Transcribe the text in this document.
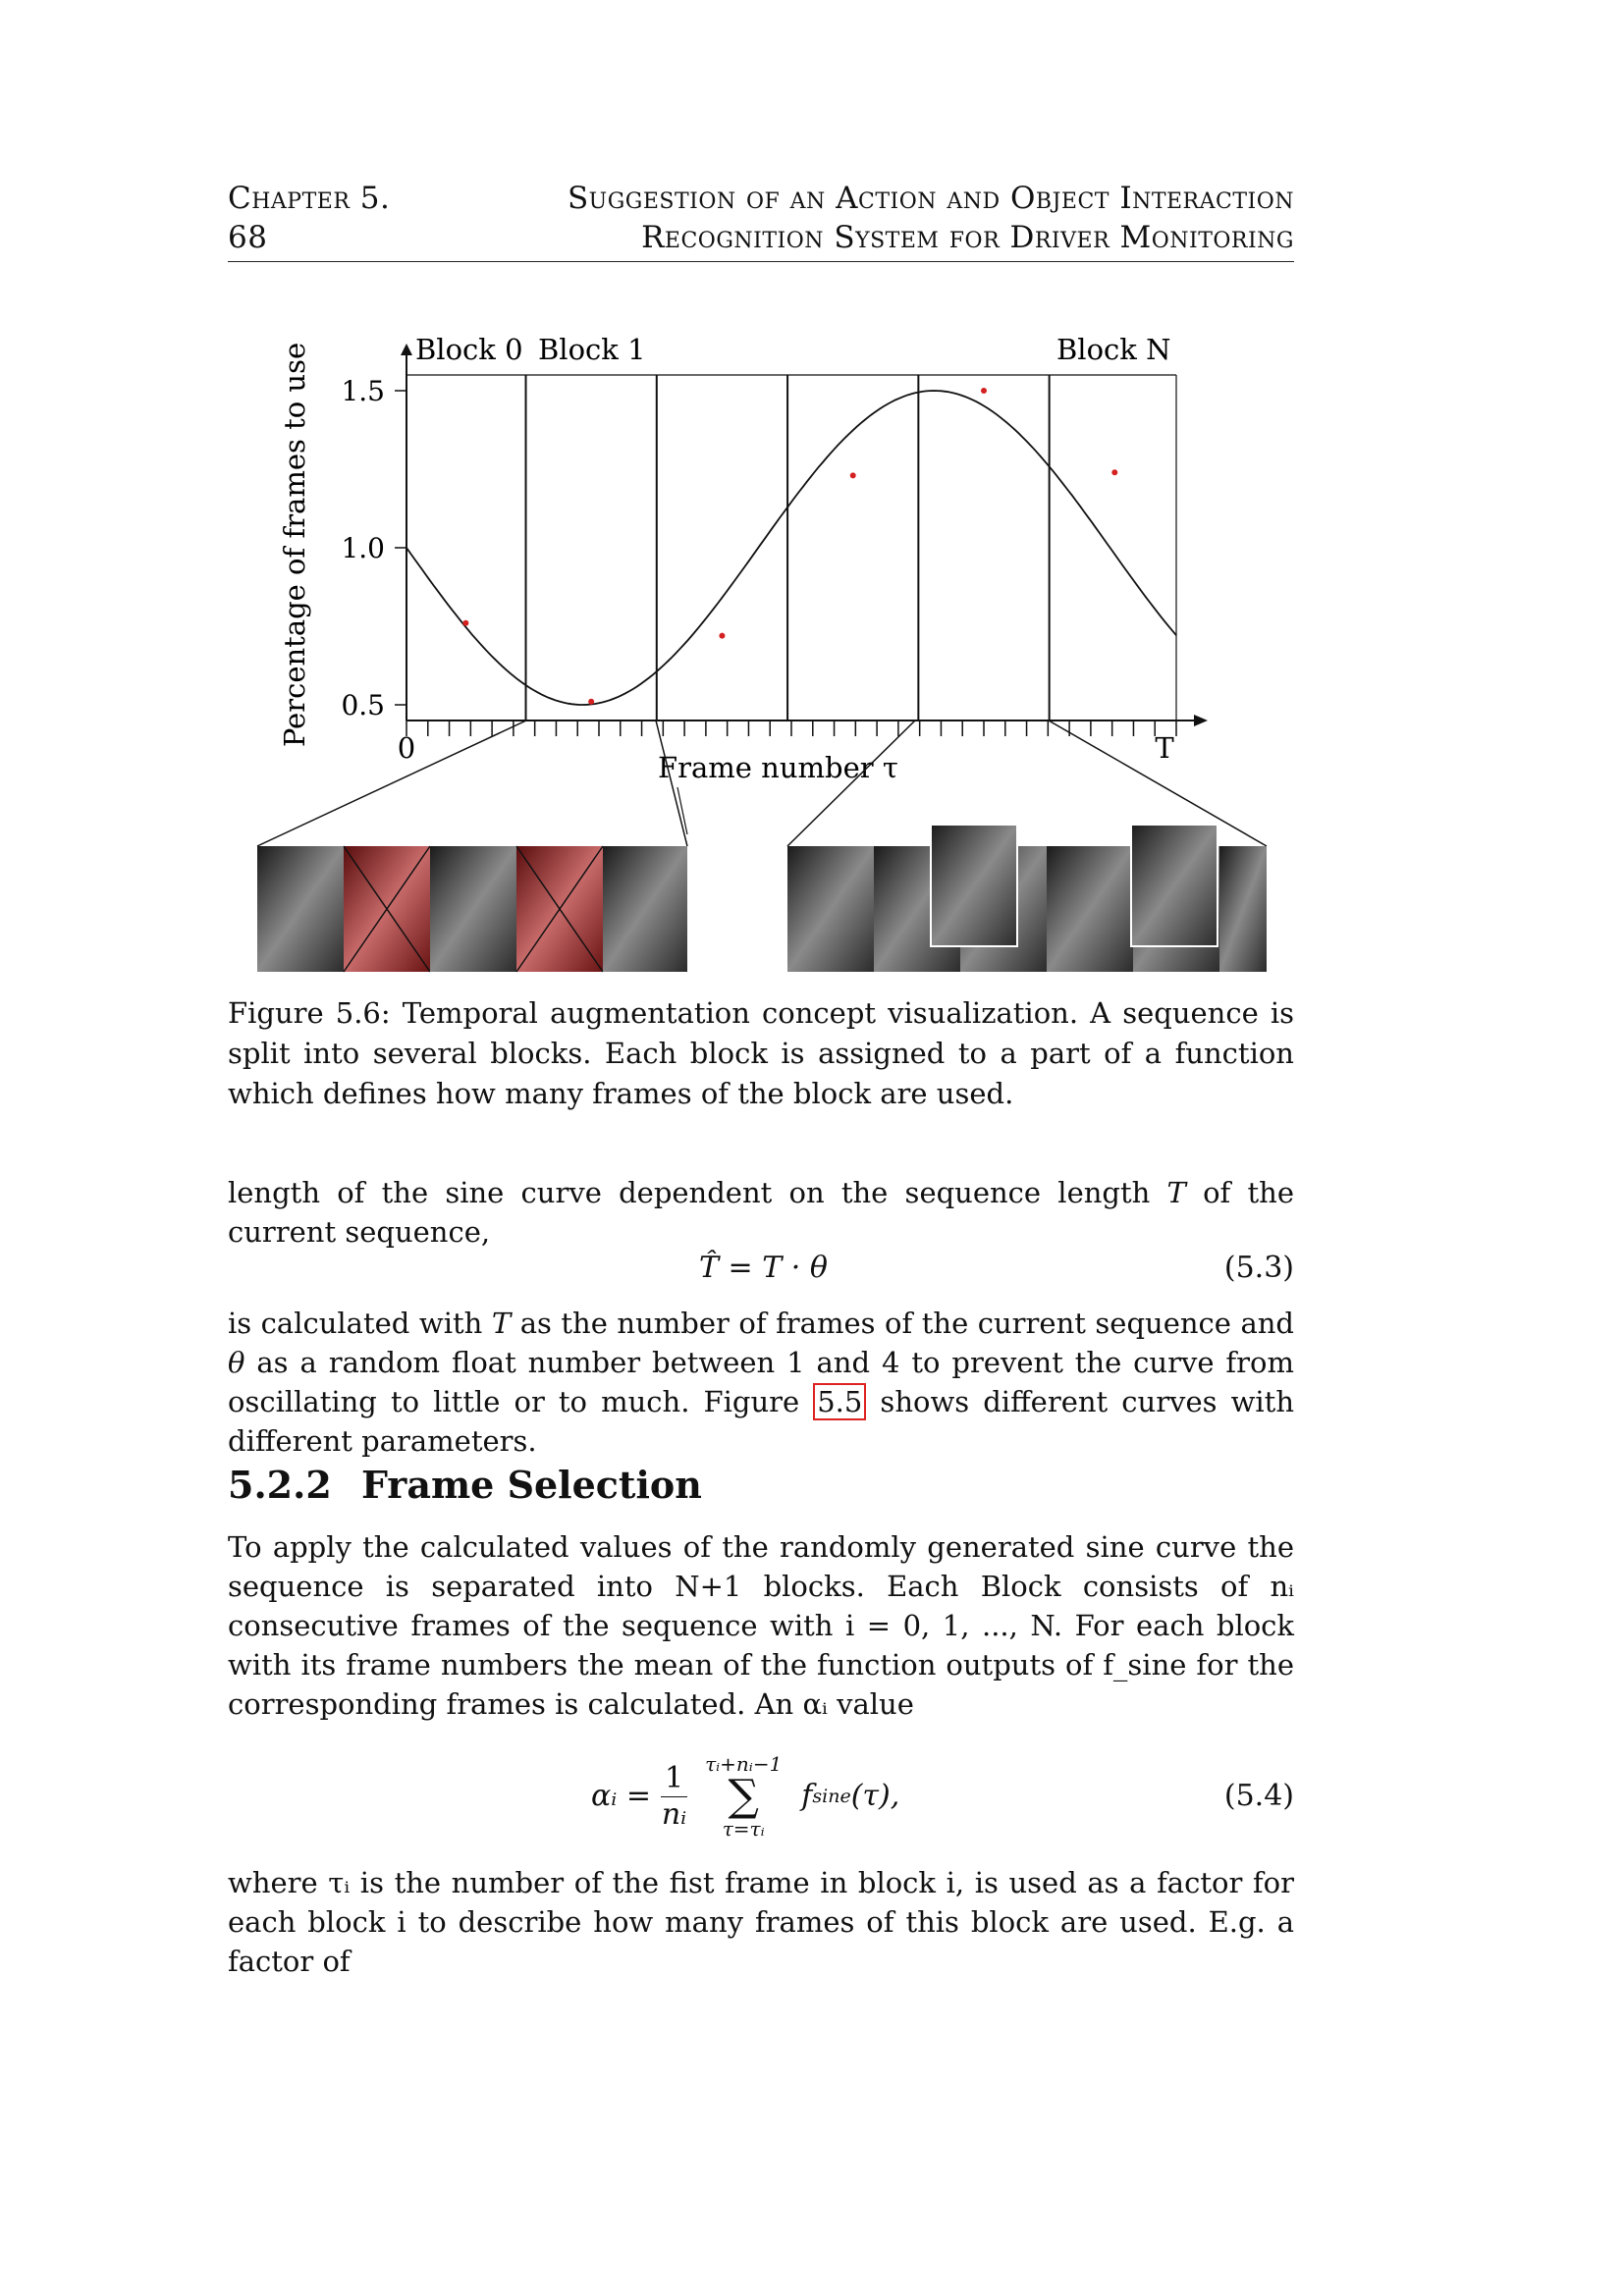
Chapter 5.	Suggestion of an Action and Object Interaction
68	Recognition System for Driver Monitoring
Percentage of frames to use 0.5
1.0
1.5
Block 0 Block 1	Block N
0	T
Frame number τ
Figure 5.6: Temporal augmentation concept visualization. A sequence is split into several blocks. Each block is assigned to a part of a function which defines how many frames of the block are used.
length of the sine curve dependent on the sequence length T of the current sequence,
T̂ = T · θ	(5.3)
is calculated with T as the number of frames of the current sequence and θ as a random float number between 1 and 4 to prevent the curve from oscillating to little or to much. Figure 5.5 shows different curves with different parameters.
5.2.2 Frame Selection
To apply the calculated values of the randomly generated sine curve the sequence is separated into N+1 blocks. Each Block consists of nᵢ consecutive frames of the sequence with i = 0, 1, ..., N. For each block with its frame numbers the mean of the function outputs of f_sine for the corresponding frames is calculated. An αᵢ value
αᵢ = $\frac{1}{\text{nᵢ}}$ τᵢ+nᵢ−1
∑
τ=τᵢ
f sine (τ),	(5.4)
where τᵢ is the number of the fist frame in block i, is used as a factor for each block i to describe how many frames of this block are used. E.g. a factor of
